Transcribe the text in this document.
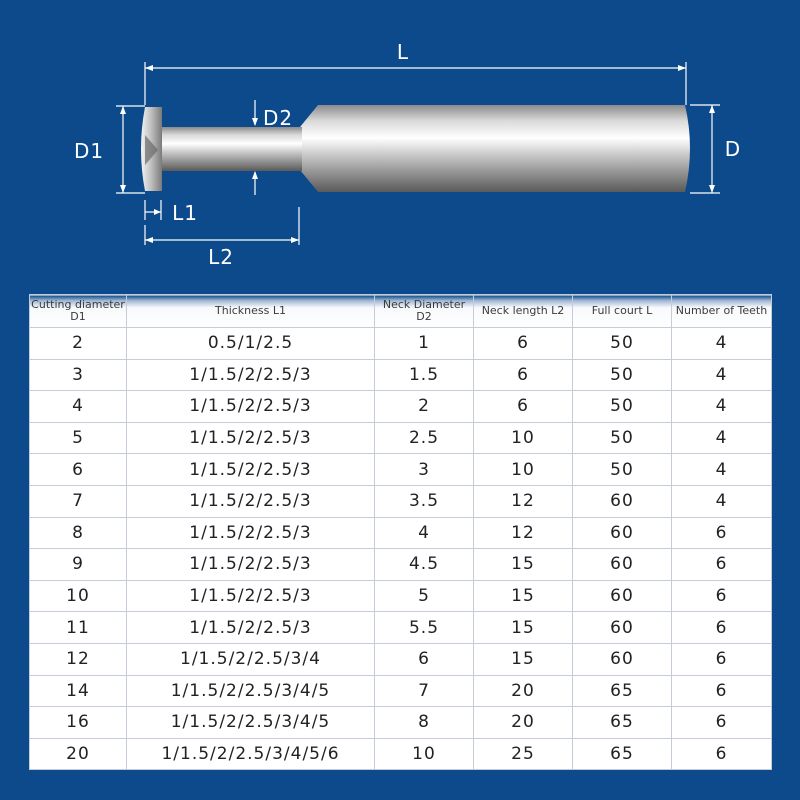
L
D
D1
D2
L1
L2
Cutting diameter D1	Thickness L1	Neck Diameter D2	Neck length L2	Full court L	Number of Teeth
2	0.5/1/2.5	1	6	50	4
3	1/1.5/2/2.5/3	1.5	6	50	4
4	1/1.5/2/2.5/3	2	6	50	4
5	1/1.5/2/2.5/3	2.5	10	50	4
6	1/1.5/2/2.5/3	3	10	50	4
7	1/1.5/2/2.5/3	3.5	12	60	4
8	1/1.5/2/2.5/3	4	12	60	6
9	1/1.5/2/2.5/3	4.5	15	60	6
10	1/1.5/2/2.5/3	5	15	60	6
11	1/1.5/2/2.5/3	5.5	15	60	6
12	1/1.5/2/2.5/3/4	6	15	60	6
14	1/1.5/2/2.5/3/4/5	7	20	65	6
16	1/1.5/2/2.5/3/4/5	8	20	65	6
20	1/1.5/2/2.5/3/4/5/6	10	25	65	6
